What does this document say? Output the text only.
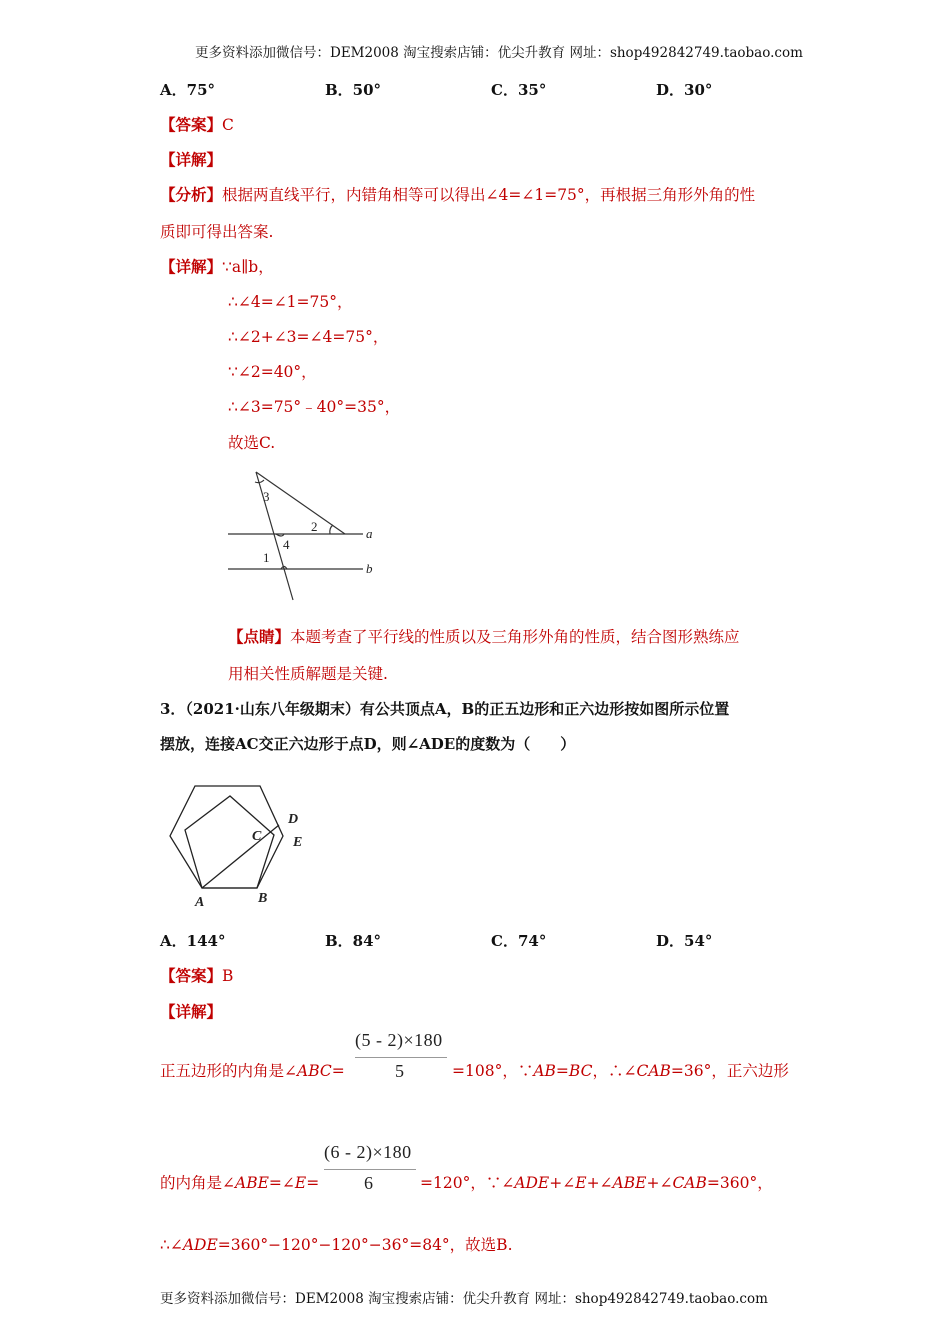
更多资料添加微信号：DEM2008 淘宝搜索店铺：优尖升教育 网址：shop492842749.taobao.com
A．75°	B．50°	C．35°	D．30°
【答案】C
【详解】
【分析】根据两直线平行，内错角相等可以得出∠4=∠1=75°，再根据三角形外角的性
质即可得出答案.
【详解】∵a∥b，
∴∠4=∠1=75°，
∴∠2+∠3=∠4=75°，
∵∠2=40°，
∴∠3=75°﹣40°=35°，
故选C.
3
2
4
1
a
b
【点睛】本题考查了平行线的性质以及三角形外角的性质，结合图形熟练应
用相关性质解题是关键.
3．（2021·山东八年级期末）有公共顶点A，B的正五边形和正六边形按如图所示位置
摆放，连接AC交正六边形于点D，则∠ADE的度数为（　　）
D
C E
A	B
A．144°	B．84°	C．74°	D．54°
【答案】B
【详解】
正五边形的内角是∠ABC=
(5 - 2)×180
5	=108°，∵AB=BC，∴∠CAB=36°，正六边形
的内角是∠ABE=∠E=
(6 - 2)×180
6	=120°，∵∠ADE+∠E+∠ABE+∠CAB=360°，
∴∠ADE=360°−120°−120°−36°=84°，故选B.
更多资料添加微信号：DEM2008 淘宝搜索店铺：优尖升教育 网址：shop492842749.taobao.com
